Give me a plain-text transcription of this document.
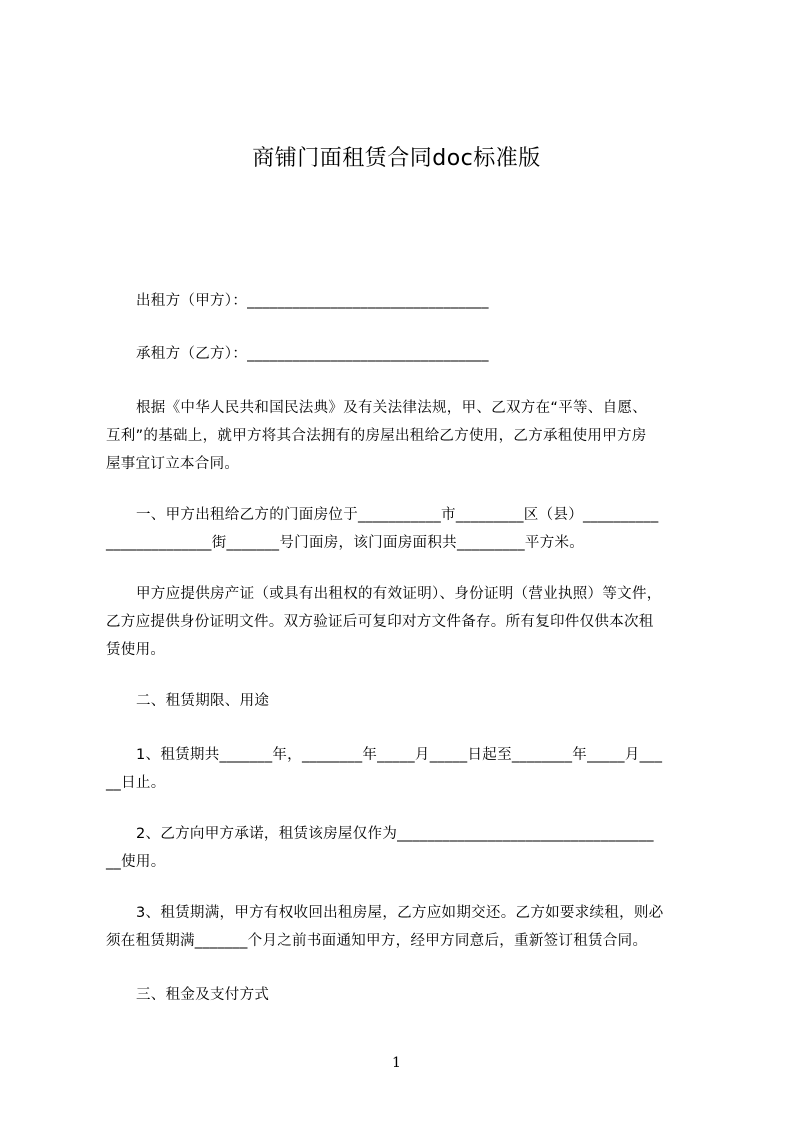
商铺门面租赁合同doc标准版
出租方（甲方）：________________________________
承租方（乙方）：________________________________
根据《中华人民共和国民法典》及有关法律法规，甲、乙双方在“平等、自愿、
互利”的基础上，就甲方将其合法拥有的房屋出租给乙方使用，乙方承租使用甲方房
屋事宜订立本合同。
一、甲方出租给乙方的门面房位于___________市_________区（县）__________
______________街_______号门面房，该门面房面积共_________平方米。
甲方应提供房产证（或具有出租权的有效证明）、身份证明（营业执照）等文件，
乙方应提供身份证明文件。双方验证后可复印对方文件备存。所有复印件仅供本次租
赁使用。
二、租赁期限、用途
1、租赁期共_______年，________年_____月_____日起至________年_____月___
__日止。
2、乙方向甲方承诺，租赁该房屋仅作为__________________________________
__使用。
3、租赁期满，甲方有权收回出租房屋，乙方应如期交还。乙方如要求续租，则必
须在租赁期满_______个月之前书面通知甲方，经甲方同意后，重新签订租赁合同。
三、租金及支付方式
1
